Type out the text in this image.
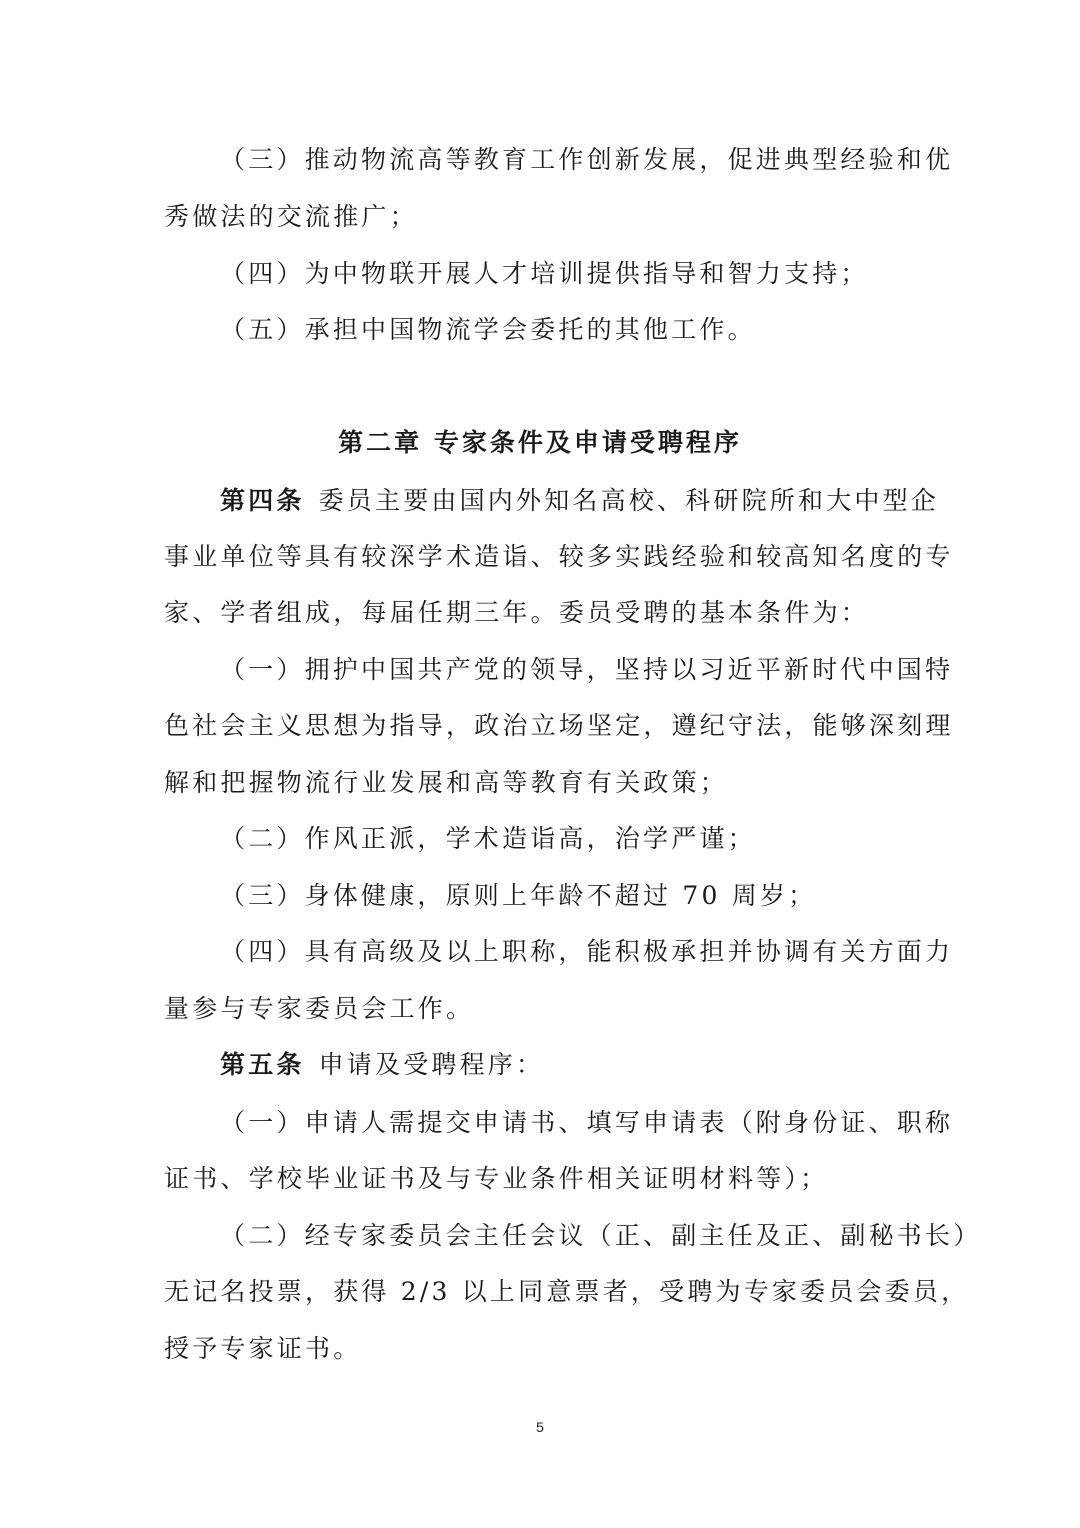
（三）推动物流高等教育工作创新发展，促进典型经验和优
秀做法的交流推广；
（四）为中物联开展人才培训提供指导和智力支持；
（五）承担中国物流学会委托的其他工作。
第二章 专家条件及申请受聘程序
第四条 委员主要由国内外知名高校、科研院所和大中型企
事业单位等具有较深学术造诣、较多实践经验和较高知名度的专
家、学者组成，每届任期三年。委员受聘的基本条件为：
（一）拥护中国共产党的领导，坚持以习近平新时代中国特
色社会主义思想为指导，政治立场坚定，遵纪守法，能够深刻理
解和把握物流行业发展和高等教育有关政策；
（二）作风正派，学术造诣高，治学严谨；
（三）身体健康，原则上年龄不超过 70 周岁；
（四）具有高级及以上职称，能积极承担并协调有关方面力
量参与专家委员会工作。
第五条 申请及受聘程序：
（一）申请人需提交申请书、填写申请表（附身份证、职称
证书、学校毕业证书及与专业条件相关证明材料等）；
（二）经专家委员会主任会议（正、副主任及正、副秘书长）
无记名投票，获得 2/3 以上同意票者，受聘为专家委员会委员，
授予专家证书。
5
